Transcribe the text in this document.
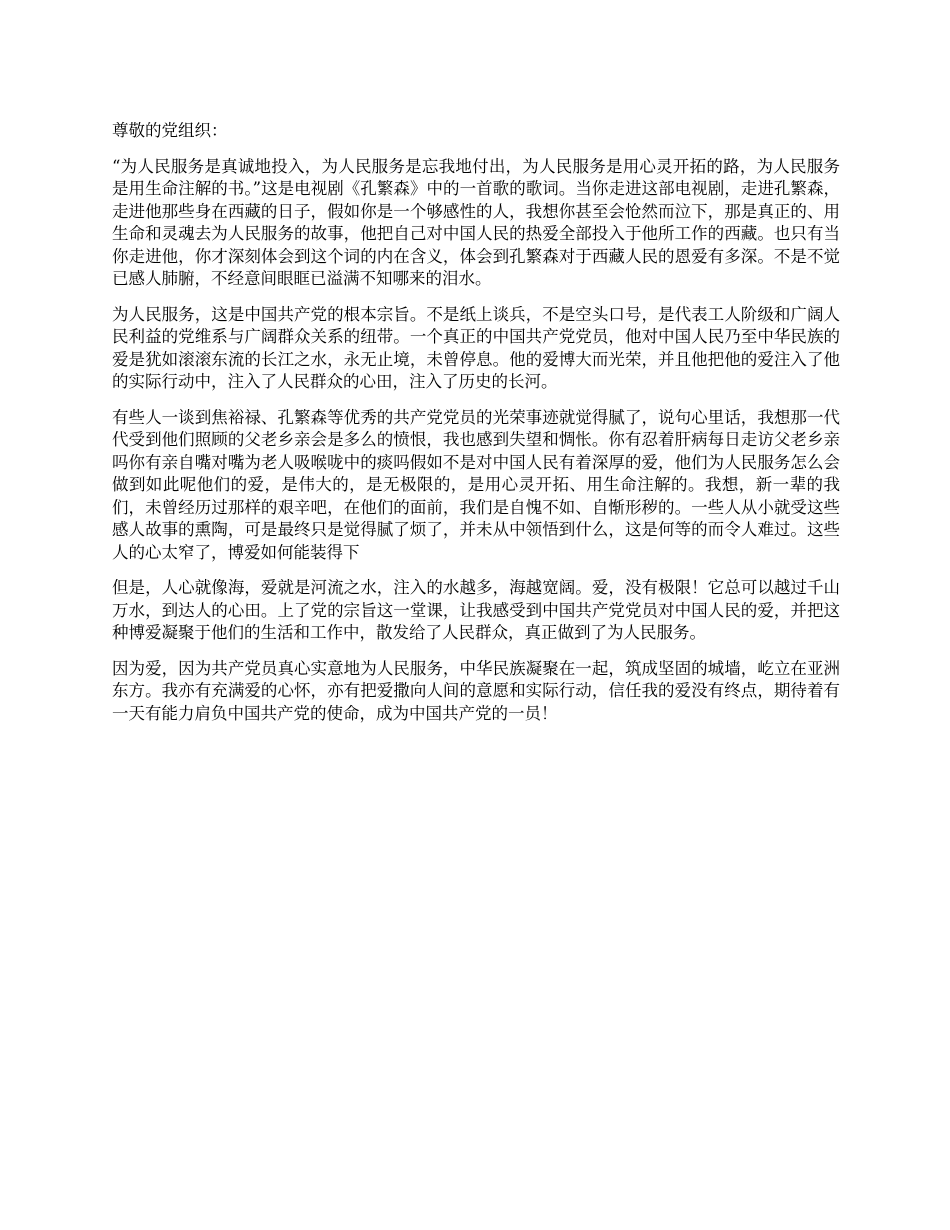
尊敬的党组织：

“为人民服务是真诚地投入，为人民服务是忘我地付出，为人民服务是用心灵开拓的路，为人民服务是用生命注解的书。”这是电视剧《孔繁森》中的一首歌的歌词。当你走进这部电视剧，走进孔繁森，走进他那些身在西藏的日子，假如你是一个够感性的人，我想你甚至会怆然而泣下，那是真正的、用生命和灵魂去为人民服务的故事，他把自己对中国人民的热爱全部投入于他所工作的西藏。也只有当你走进他，你才深刻体会到这个词的内在含义，体会到孔繁森对于西藏人民的恩爱有多深。不是不觉已感人肺腑，不经意间眼眶已溢满不知哪来的泪水。

为人民服务，这是中国共产党的根本宗旨。不是纸上谈兵，不是空头口号，是代表工人阶级和广阔人民利益的党维系与广阔群众关系的纽带。一个真正的中国共产党党员，他对中国人民乃至中华民族的爱是犹如滚滚东流的长江之水，永无止境，未曾停息。他的爱博大而光荣，并且他把他的爱注入了他的实际行动中，注入了人民群众的心田，注入了历史的长河。

有些人一谈到焦裕禄、孔繁森等优秀的共产党党员的光荣事迹就觉得腻了，说句心里话，我想那一代代受到他们照顾的父老乡亲会是多么的愤恨，我也感到失望和惆怅。你有忍着肝病每日走访父老乡亲吗你有亲自嘴对嘴为老人吸喉咙中的痰吗假如不是对中国人民有着深厚的爱，他们为人民服务怎么会做到如此呢他们的爱，是伟大的，是无极限的，是用心灵开拓、用生命注解的。我想，新一辈的我们，未曾经历过那样的艰辛吧，在他们的面前，我们是自愧不如、自惭形秽的。一些人从小就受这些感人故事的熏陶，可是最终只是觉得腻了烦了，并未从中领悟到什么，这是何等的而令人难过。这些人的心太窄了，博爱如何能装得下

但是，人心就像海，爱就是河流之水，注入的水越多，海越宽阔。爱，没有极限！它总可以越过千山万水，到达人的心田。上了党的宗旨这一堂课，让我感受到中国共产党党员对中国人民的爱，并把这种博爱凝聚于他们的生活和工作中，散发给了人民群众，真正做到了为人民服务。

因为爱，因为共产党员真心实意地为人民服务，中华民族凝聚在一起，筑成坚固的城墙，屹立在亚洲东方。我亦有充满爱的心怀，亦有把爱撒向人间的意愿和实际行动，信任我的爱没有终点，期待着有一天有能力肩负中国共产党的使命，成为中国共产党的一员！
